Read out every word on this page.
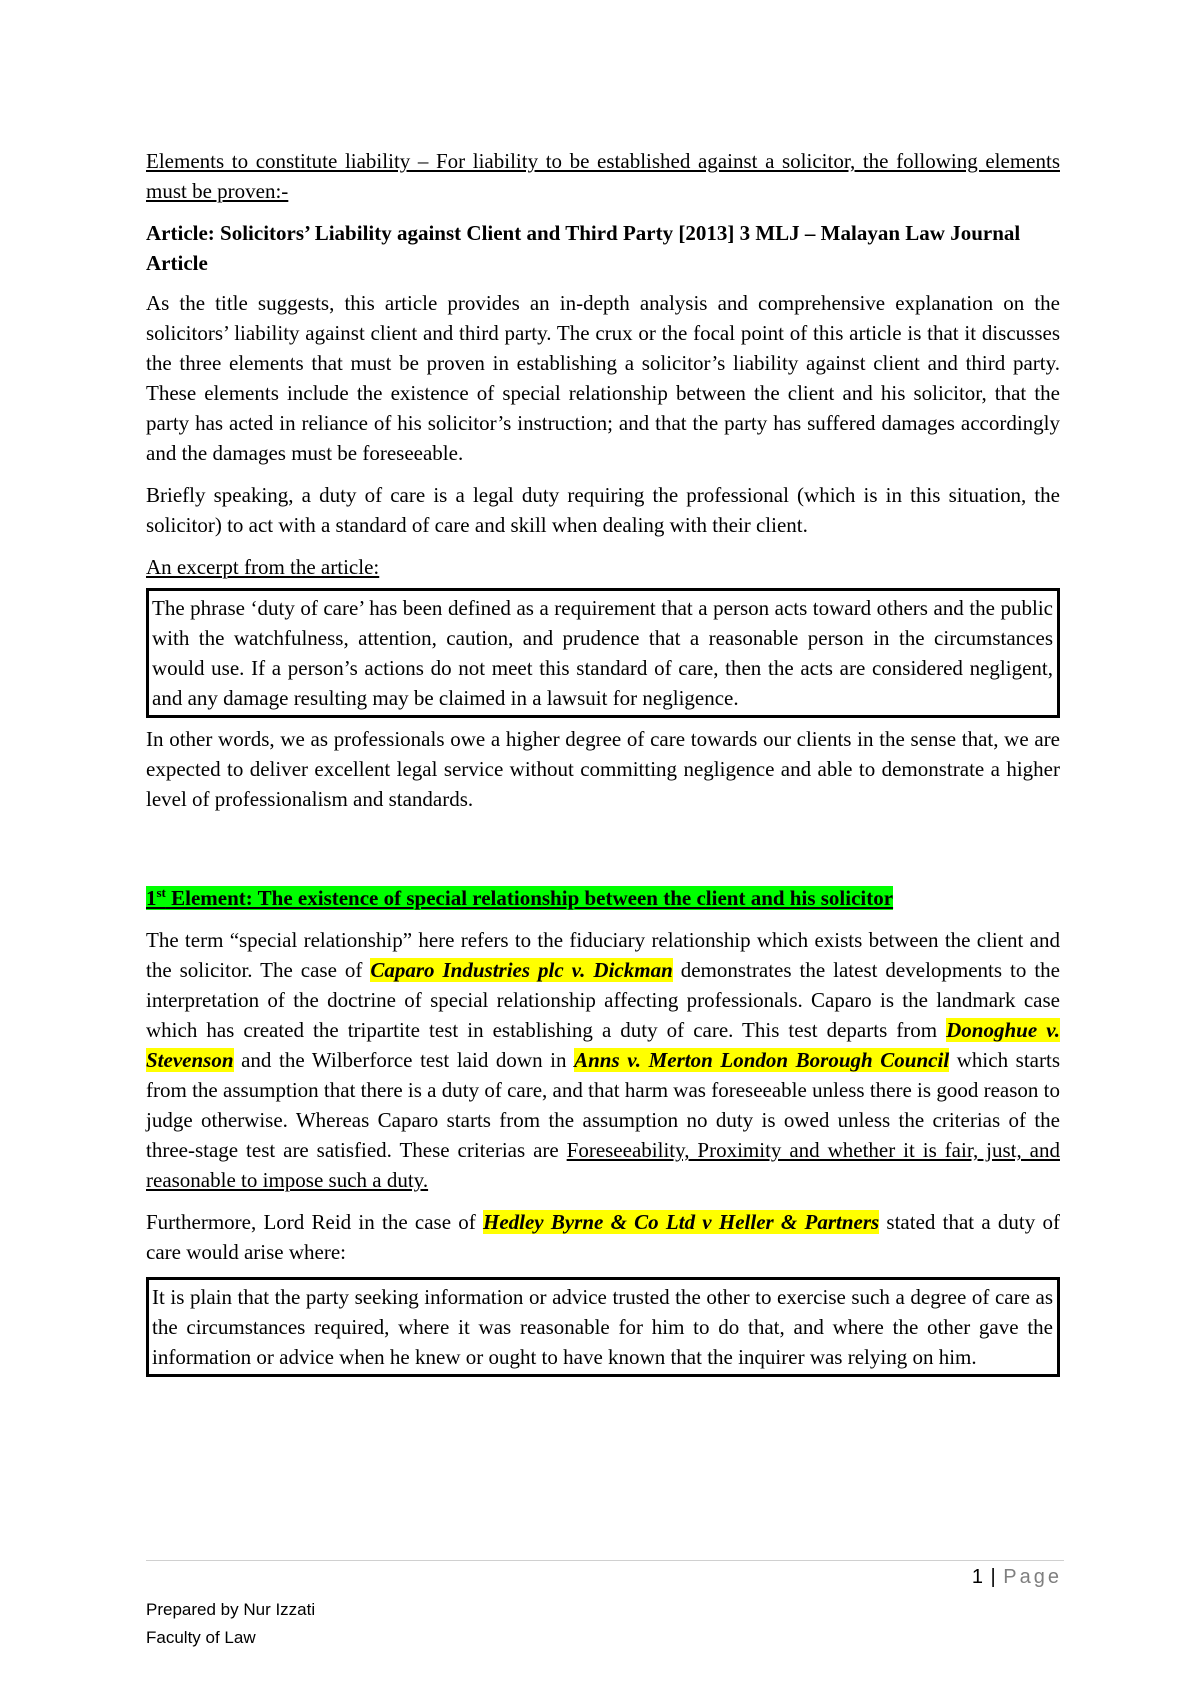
Elements to constitute liability – For liability to be established against a solicitor, the following elements must be proven:-

Article: Solicitors’ Liability against Client and Third Party [2013] 3 MLJ – Malayan Law Journal Article

As the title suggests, this article provides an in-depth analysis and comprehensive explanation on the solicitors’ liability against client and third party. The crux or the focal point of this article is that it discusses the three elements that must be proven in establishing a solicitor’s liability against client and third party. These elements include the existence of special relationship between the client and his solicitor, that the party has acted in reliance of his solicitor’s instruction; and that the party has suffered damages accordingly and the damages must be foreseeable.

Briefly speaking, a duty of care is a legal duty requiring the professional (which is in this situation, the solicitor) to act with a standard of care and skill when dealing with their client.

An excerpt from the article:

The phrase ‘duty of care’ has been defined as a requirement that a person acts toward others and the public with the watchfulness, attention, caution, and prudence that a reasonable person in the circumstances would use. If a person’s actions do not meet this standard of care, then the acts are considered negligent, and any damage resulting may be claimed in a lawsuit for negligence.

In other words, we as professionals owe a higher degree of care towards our clients in the sense that, we are expected to deliver excellent legal service without committing negligence and able to demonstrate a higher level of professionalism and standards.

1st Element: The existence of special relationship between the client and his solicitor

The term “special relationship” here refers to the fiduciary relationship which exists between the client and the solicitor. The case of Caparo Industries plc v. Dickman demonstrates the latest developments to the interpretation of the doctrine of special relationship affecting professionals. Caparo is the landmark case which has created the tripartite test in establishing a duty of care. This test departs from Donoghue v. Stevenson and the Wilberforce test laid down in Anns v. Merton London Borough Council which starts from the assumption that there is a duty of care, and that harm was foreseeable unless there is good reason to judge otherwise. Whereas Caparo starts from the assumption no duty is owed unless the criterias of the three-stage test are satisfied. These criterias are Foreseeability, Proximity and whether it is fair, just, and reasonable to impose such a duty.

Furthermore, Lord Reid in the case of Hedley Byrne & Co Ltd v Heller & Partners stated that a duty of care would arise where:

It is plain that the party seeking information or advice trusted the other to exercise such a degree of care as the circumstances required, where it was reasonable for him to do that, and where the other gave the information or advice when he knew or ought to have known that the inquirer was relying on him.

1 | Page
Prepared by Nur Izzati
Faculty of Law
